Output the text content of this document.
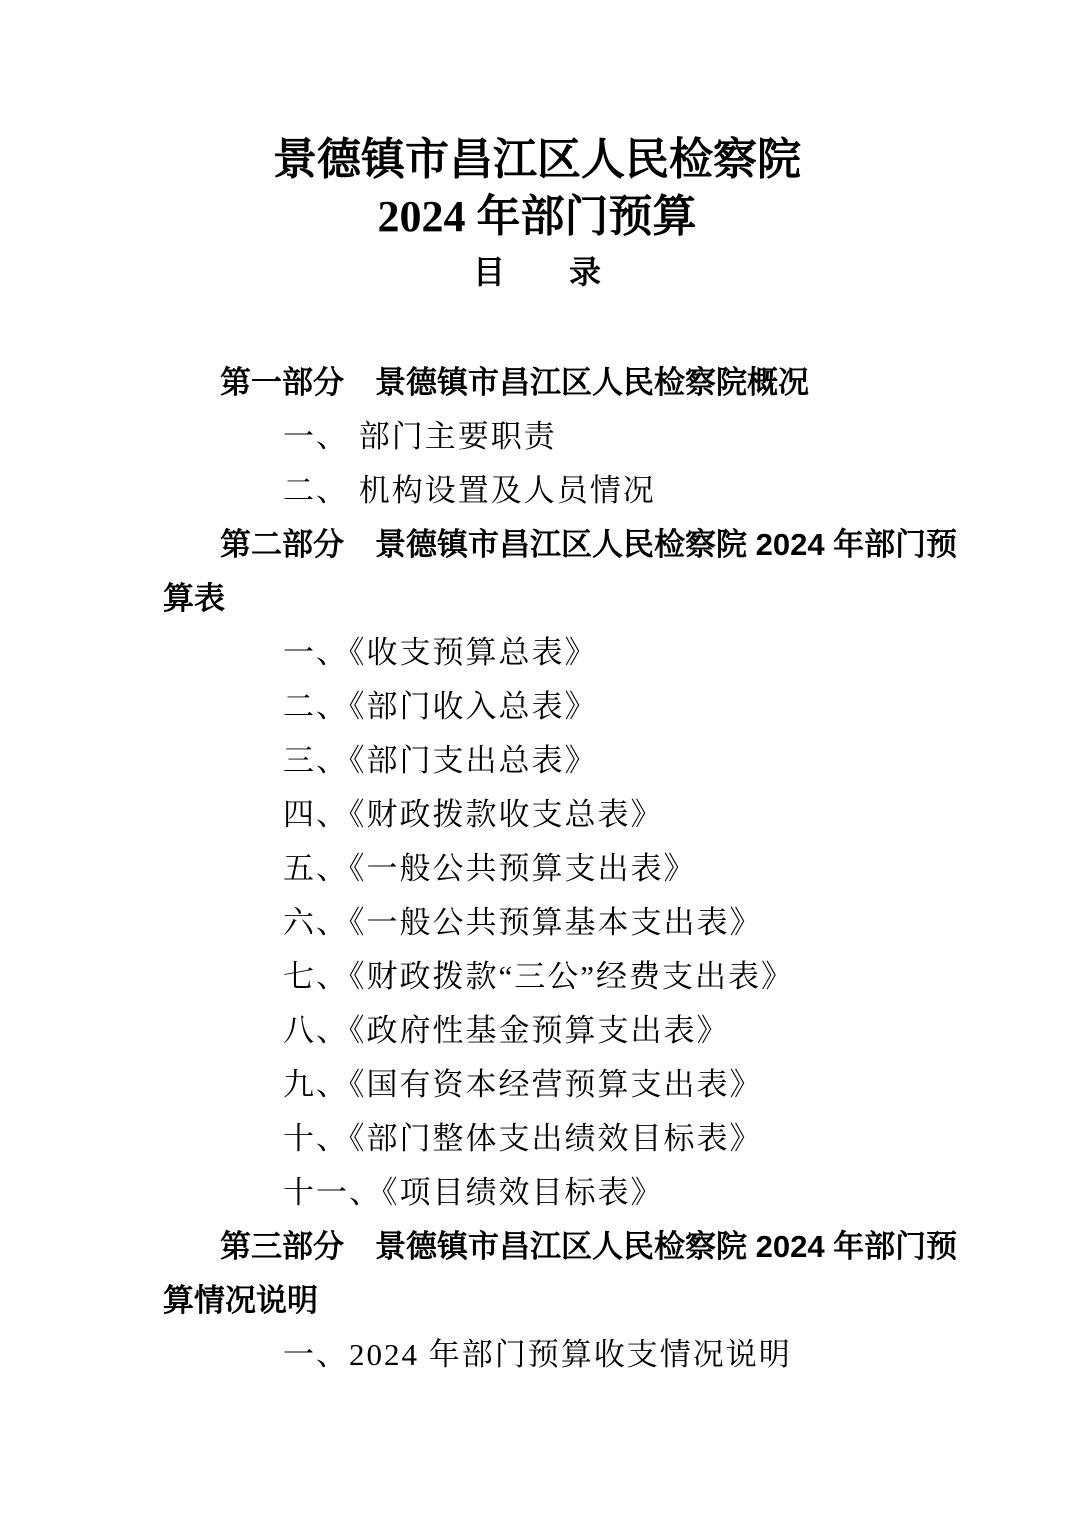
景德镇市昌江区人民检察院
2024 年部门预算
目　　录

第一部分　景德镇市昌江区人民检察院概况

一、 部门主要职责

二、 机构设置及人员情况

第二部分　景德镇市昌江区人民检察院 2024 年部门预

算表

一、《收支预算总表》

二、《部门收入总表》

三、《部门支出总表》

四、《财政拨款收支总表》

五、《一般公共预算支出表》

六、《一般公共预算基本支出表》

七、《财政拨款“三公”经费支出表》

八、《政府性基金预算支出表》

九、《国有资本经营预算支出表》

十、《部门整体支出绩效目标表》

十一、《项目绩效目标表》

第三部分　景德镇市昌江区人民检察院 2024 年部门预

算情况说明

一、2024 年部门预算收支情况说明
